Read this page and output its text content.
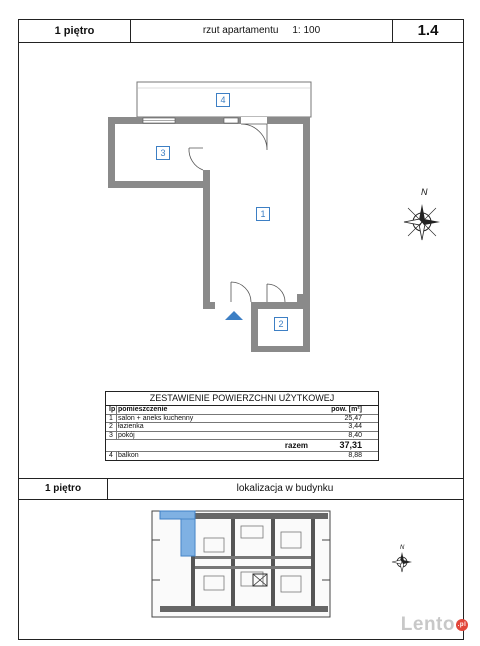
1 piętro	rzut apartamentu 1: 100	1.4
N
N
4
3
1
2
ZESTAWIENIE POWIERZCHNI UŻYTKOWEJ
lp pomieszczenie	pow. [m²]
1 salon + aneks kuchenny	25,47
2 łazienka	3,44
3 pokój	8,40
razem	37,31
4 balkon	8,88
1 piętro	lokalizacja w budynku
Lento .pl
